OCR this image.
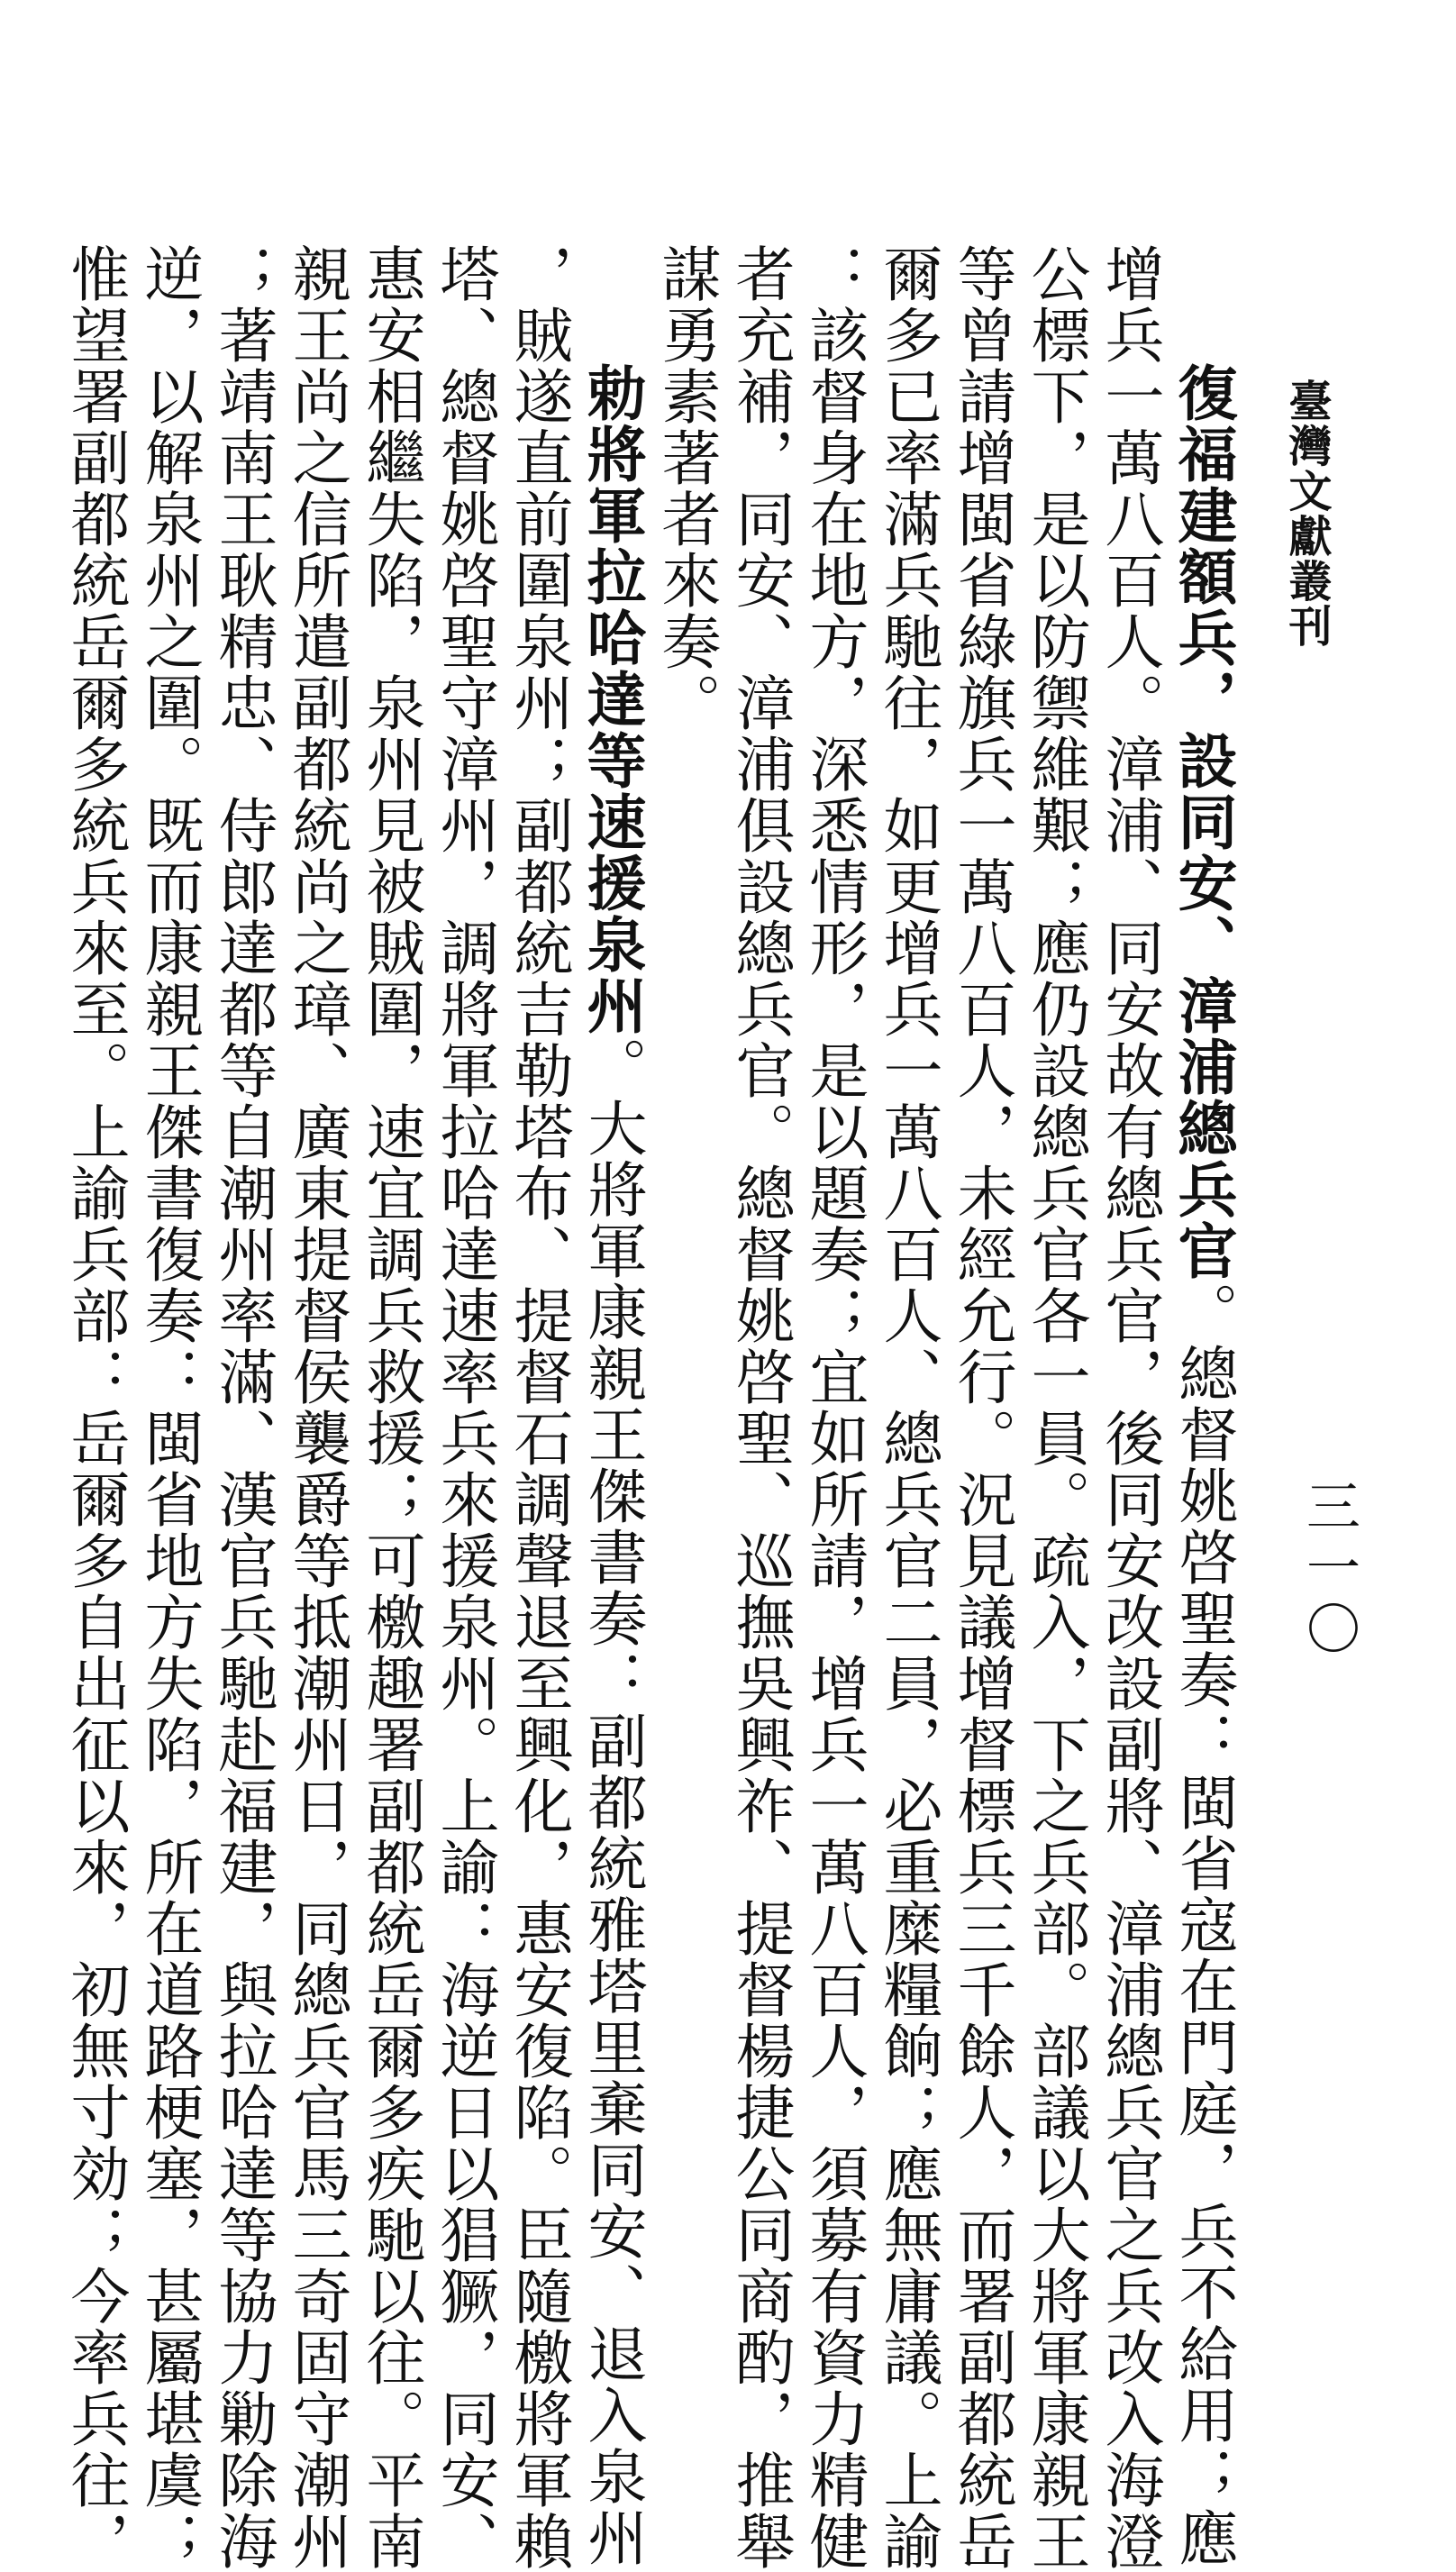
臺灣文獻叢刊
三一〇
復福建額兵，設同安、漳浦總兵官。總督姚啓聖奏：閩省寇在門庭，兵不給用；應
增兵一萬八百人。漳浦、同安故有總兵官，後同安改設副將、漳浦總兵官之兵改入海澄
公標下，是以防禦維艱；應仍設總兵官各一員。疏入，下之兵部。部議以大將軍康親王
等曾請增閩省綠旗兵一萬八百人，未經允行。況見議增督標兵三千餘人，而署副都統岳
爾多已率滿兵馳往，如更增兵一萬八百人、總兵官二員，必重糜糧餉；應無庸議。上諭
：該督身在地方，深悉情形，是以題奏；宜如所請，增兵一萬八百人，須募有資力精健
者充補，同安、漳浦俱設總兵官。總督姚啓聖、巡撫吳興祚、提督楊捷公同商酌，推舉
謀勇素著者來奏。
勅將軍拉哈達等速援泉州。大將軍康親王傑書奏：副都統雅塔里棄同安、退入泉州
，賊遂直前圍泉州；副都統吉勒塔布、提督石調聲退至興化，惠安復陷。臣隨檄將軍賴
塔、總督姚啓聖守漳州，調將軍拉哈達速率兵來援泉州。上諭：海逆日以猖獗，同安、
惠安相繼失陷，泉州見被賊圍，速宜調兵救援；可檄趣署副都統岳爾多疾馳以往。平南
親王尚之信所遣副都統尚之璋、廣東提督侯襲爵等抵潮州日，同總兵官馬三奇固守潮州
；著靖南王耿精忠、侍郎達都等自潮州率滿、漢官兵馳赴福建，與拉哈達等協力勦除海
逆，以解泉州之圍。既而康親王傑書復奏：閩省地方失陷，所在道路梗塞，甚屬堪虞；
惟望署副都統岳爾多統兵來至。上諭兵部：岳爾多自出征以來，初無寸効；今率兵往，
